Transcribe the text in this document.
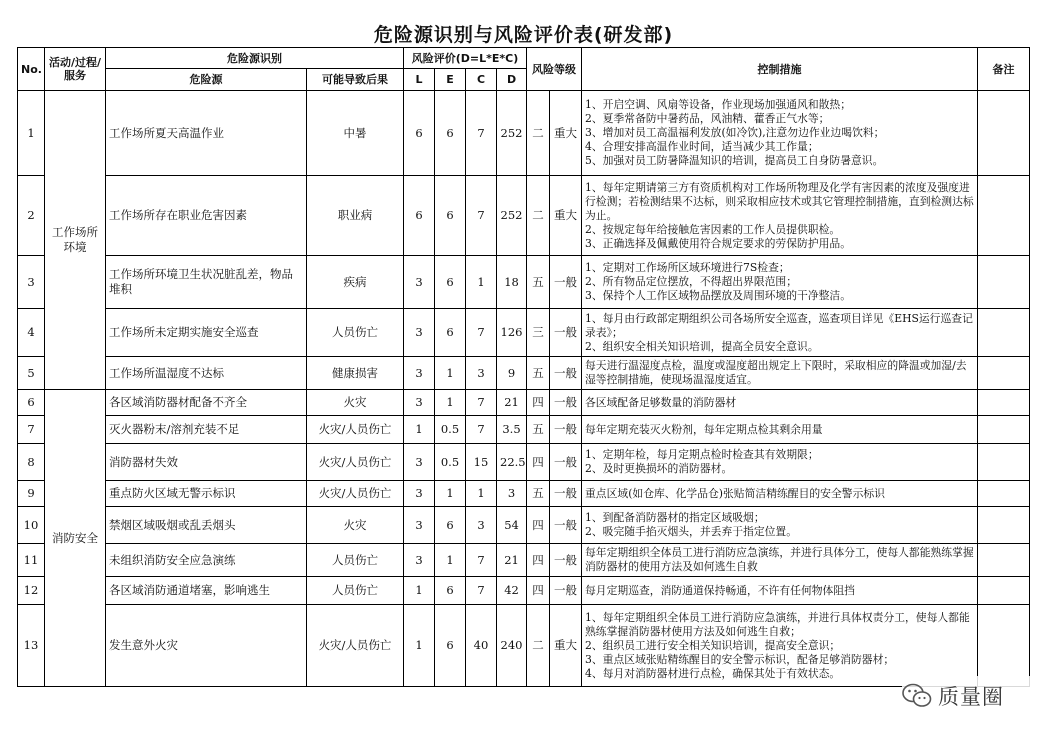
危险源识别与风险评价表(研发部)
No.	活动/过程/服务	危险源识别		风险评价(D=L*E*C)				风险等级		控制措施	备注
		危险源	可能导致后果	L	E	C	D				
1	工作场所环境	工作场所夏天高温作业	中暑	6	6	7	252	二	重大	1、开启空调、风扇等设备，作业现场加强通风和散热；
2、夏季常备防中暑药品，风油精、藿香正气水等；
3、增加对员工高温福利发放(如冷饮),注意勿边作业边喝饮料；
4、合理安排高温作业时间，适当减少其工作量；
5、加强对员工防暑降温知识的培训，提高员工自身防暑意识。	
2		工作场所存在职业危害因素	职业病	6	6	7	252	二	重大	1、每年定期请第三方有资质机构对工作场所物理及化学有害因素的浓度及强度进行检测；若检测结果不达标，则采取相应技术或其它管理控制措施，直到检测达标为止。
2、按规定每年给接触危害因素的工作人员提供职检。
3、正确选择及佩戴使用符合规定要求的劳保防护用品。	
3		工作场所环境卫生状况脏乱差，物品堆积	疾病	3	6	1	18	五	一般	1、定期对工作场所区域环境进行7S检查；
2、所有物品定位摆放，不得超出界限范围；
3、保持个人工作区域物品摆放及周围环境的干净整洁。	
4		工作场所未定期实施安全巡查	人员伤亡	3	6	7	126	三	一般	1、每月由行政部定期组织公司各场所安全巡查，巡查项目详见《EHS运行巡查记录表》；
2、组织安全相关知识培训，提高全员安全意识。	
5		工作场所温湿度不达标	健康损害	3	1	3	9	五	一般	每天进行温湿度点检，温度或湿度超出规定上下限时，采取相应的降温或加湿/去湿等控制措施，使现场温湿度适宜。	
6	消防安全	各区域消防器材配备不齐全	火灾	3	1	7	21	四	一般	各区域配备足够数量的消防器材	
7		灭火器粉末/溶剂充装不足	火灾/人员伤亡	1	0.5	7	3.5	五	一般	每年定期充装灭火粉剂，每年定期点检其剩余用量	
8		消防器材失效	火灾/人员伤亡	3	0.5	15	22.5	四	一般	1、定期年检，每月定期点检时检查其有效期限；
2、及时更换损坏的消防器材。	
9		重点防火区域无警示标识	火灾/人员伤亡	3	1	1	3	五	一般	重点区域(如仓库、化学品仓)张贴简洁精练醒目的安全警示标识	
10		禁烟区域吸烟或乱丢烟头	火灾	3	6	3	54	四	一般	1、到配备消防器材的指定区域吸烟；
2、吸完随手掐灭烟头，并丢弃于指定位置。	
11		未组织消防安全应急演练	人员伤亡	3	1	7	21	四	一般	每年定期组织全体员工进行消防应急演练，并进行具体分工，使每人都能熟练掌握消防器材的使用方法及如何逃生自救	
12		各区域消防通道堵塞，影响逃生	人员伤亡	1	6	7	42	四	一般	每月定期巡查，消防通道保持畅通，不许有任何物体阻挡	
13		发生意外火灾	火灾/人员伤亡	1	6	40	240	二	重大	1、每年定期组织全体员工进行消防应急演练，并进行具体权责分工，使每人都能熟练掌握消防器材使用方法及如何逃生自救；
2、组织员工进行安全相关知识培训，提高安全意识；
3、重点区域张贴精练醒目的安全警示标识，配备足够消防器材；
4、每月对消防器材进行点检，确保其处于有效状态。	
质量圈
